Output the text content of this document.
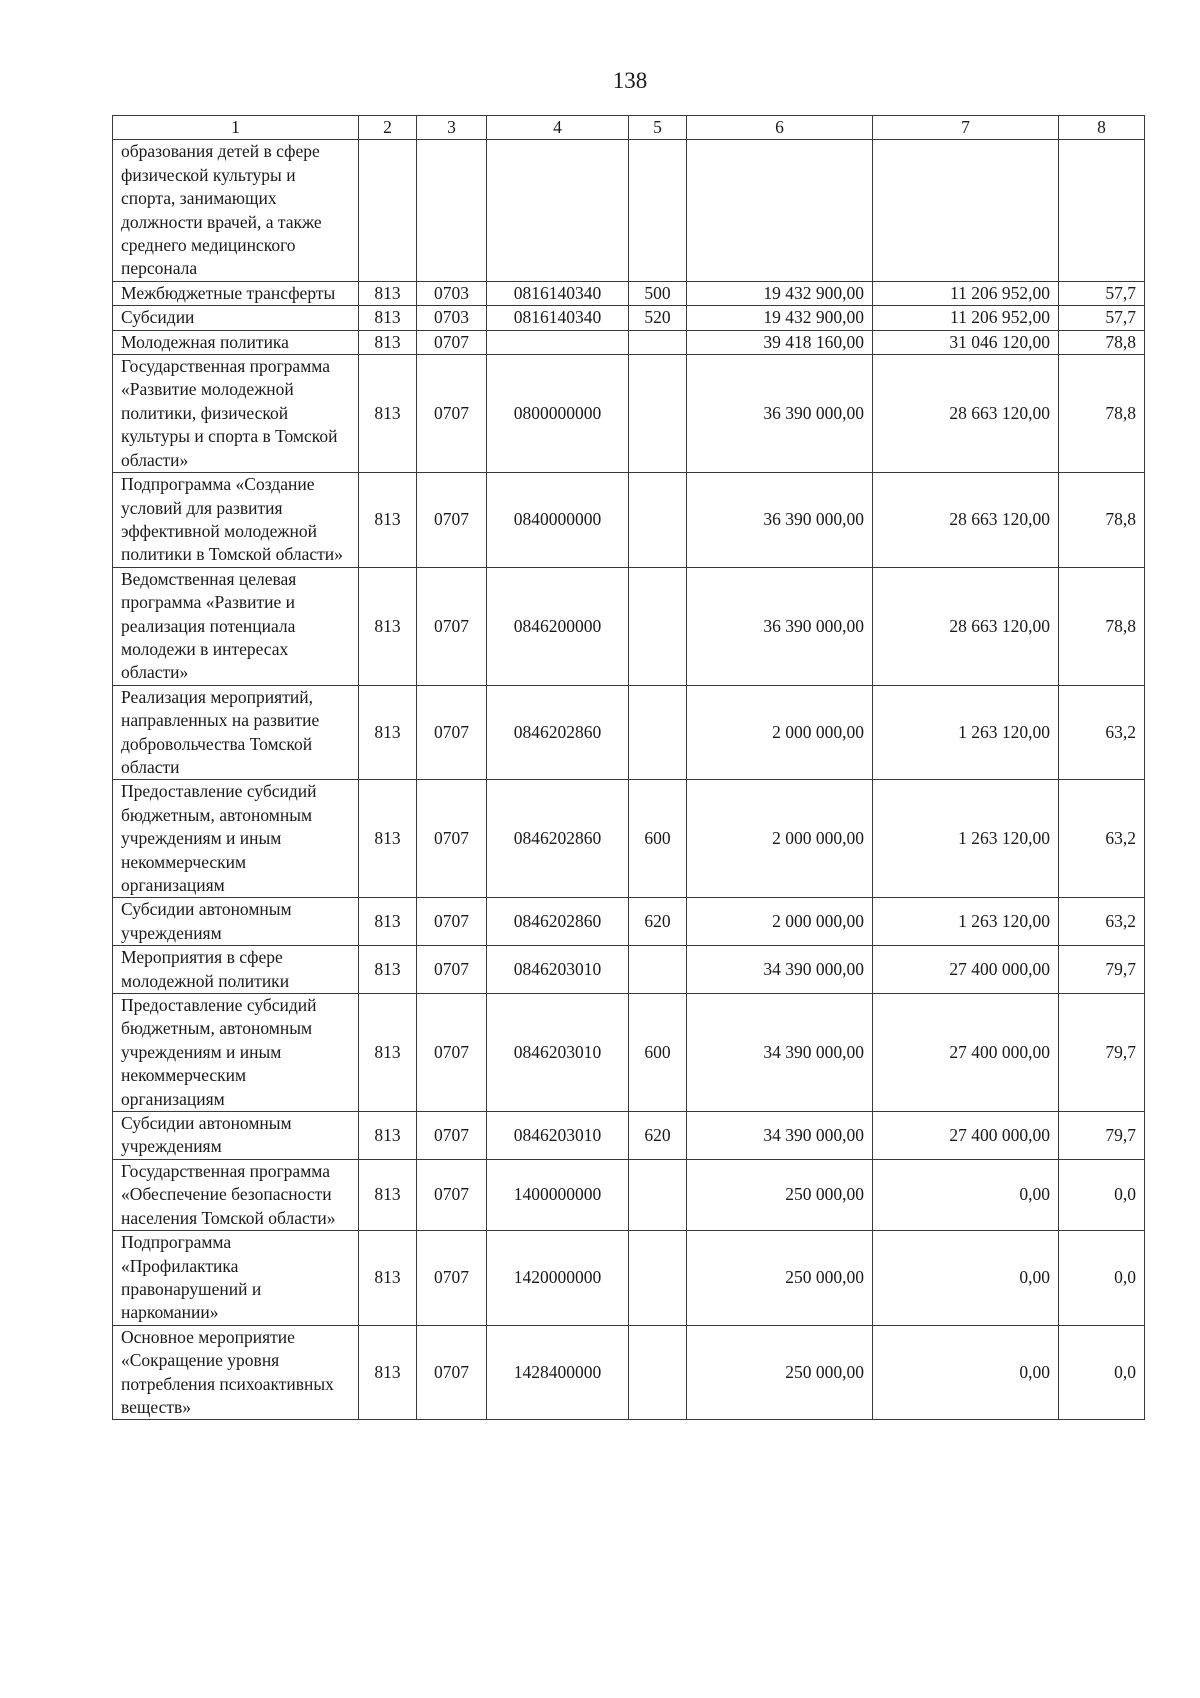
138
1	2	3	4	5	6	7	8
образования детей в сфере физической культуры и спорта, занимающих должности врачей, а также среднего медицинского персонала							
Межбюджетные трансферты	813	0703	0816140340	500	19 432 900,00	11 206 952,00	57,7
Субсидии	813	0703	0816140340	520	19 432 900,00	11 206 952,00	57,7
Молодежная политика	813	0707			39 418 160,00	31 046 120,00	78,8
Государственная программа «Развитие молодежной политики, физической культуры и спорта в Томской области»	813	0707	0800000000		36 390 000,00	28 663 120,00	78,8
Подпрограмма «Создание условий для развития эффективной молодежной политики в Томской области»	813	0707	0840000000		36 390 000,00	28 663 120,00	78,8
Ведомственная целевая программа «Развитие и реализация потенциала молодежи в интересах области»	813	0707	0846200000		36 390 000,00	28 663 120,00	78,8
Реализация мероприятий, направленных на развитие добровольчества Томской области	813	0707	0846202860		2 000 000,00	1 263 120,00	63,2
Предоставление субсидий бюджетным, автономным учреждениям и иным некоммерческим организациям	813	0707	0846202860	600	2 000 000,00	1 263 120,00	63,2
Субсидии автономным учреждениям	813	0707	0846202860	620	2 000 000,00	1 263 120,00	63,2
Мероприятия в сфере молодежной политики	813	0707	0846203010		34 390 000,00	27 400 000,00	79,7
Предоставление субсидий бюджетным, автономным учреждениям и иным некоммерческим организациям	813	0707	0846203010	600	34 390 000,00	27 400 000,00	79,7
Субсидии автономным учреждениям	813	0707	0846203010	620	34 390 000,00	27 400 000,00	79,7
Государственная программа «Обеспечение безопасности населения Томской области»	813	0707	1400000000		250 000,00	0,00	0,0
Подпрограмма «Профилактика правонарушений и наркомании»	813	0707	1420000000		250 000,00	0,00	0,0
Основное мероприятие «Сокращение уровня потребления психоактивных веществ»	813	0707	1428400000		250 000,00	0,00	0,0
